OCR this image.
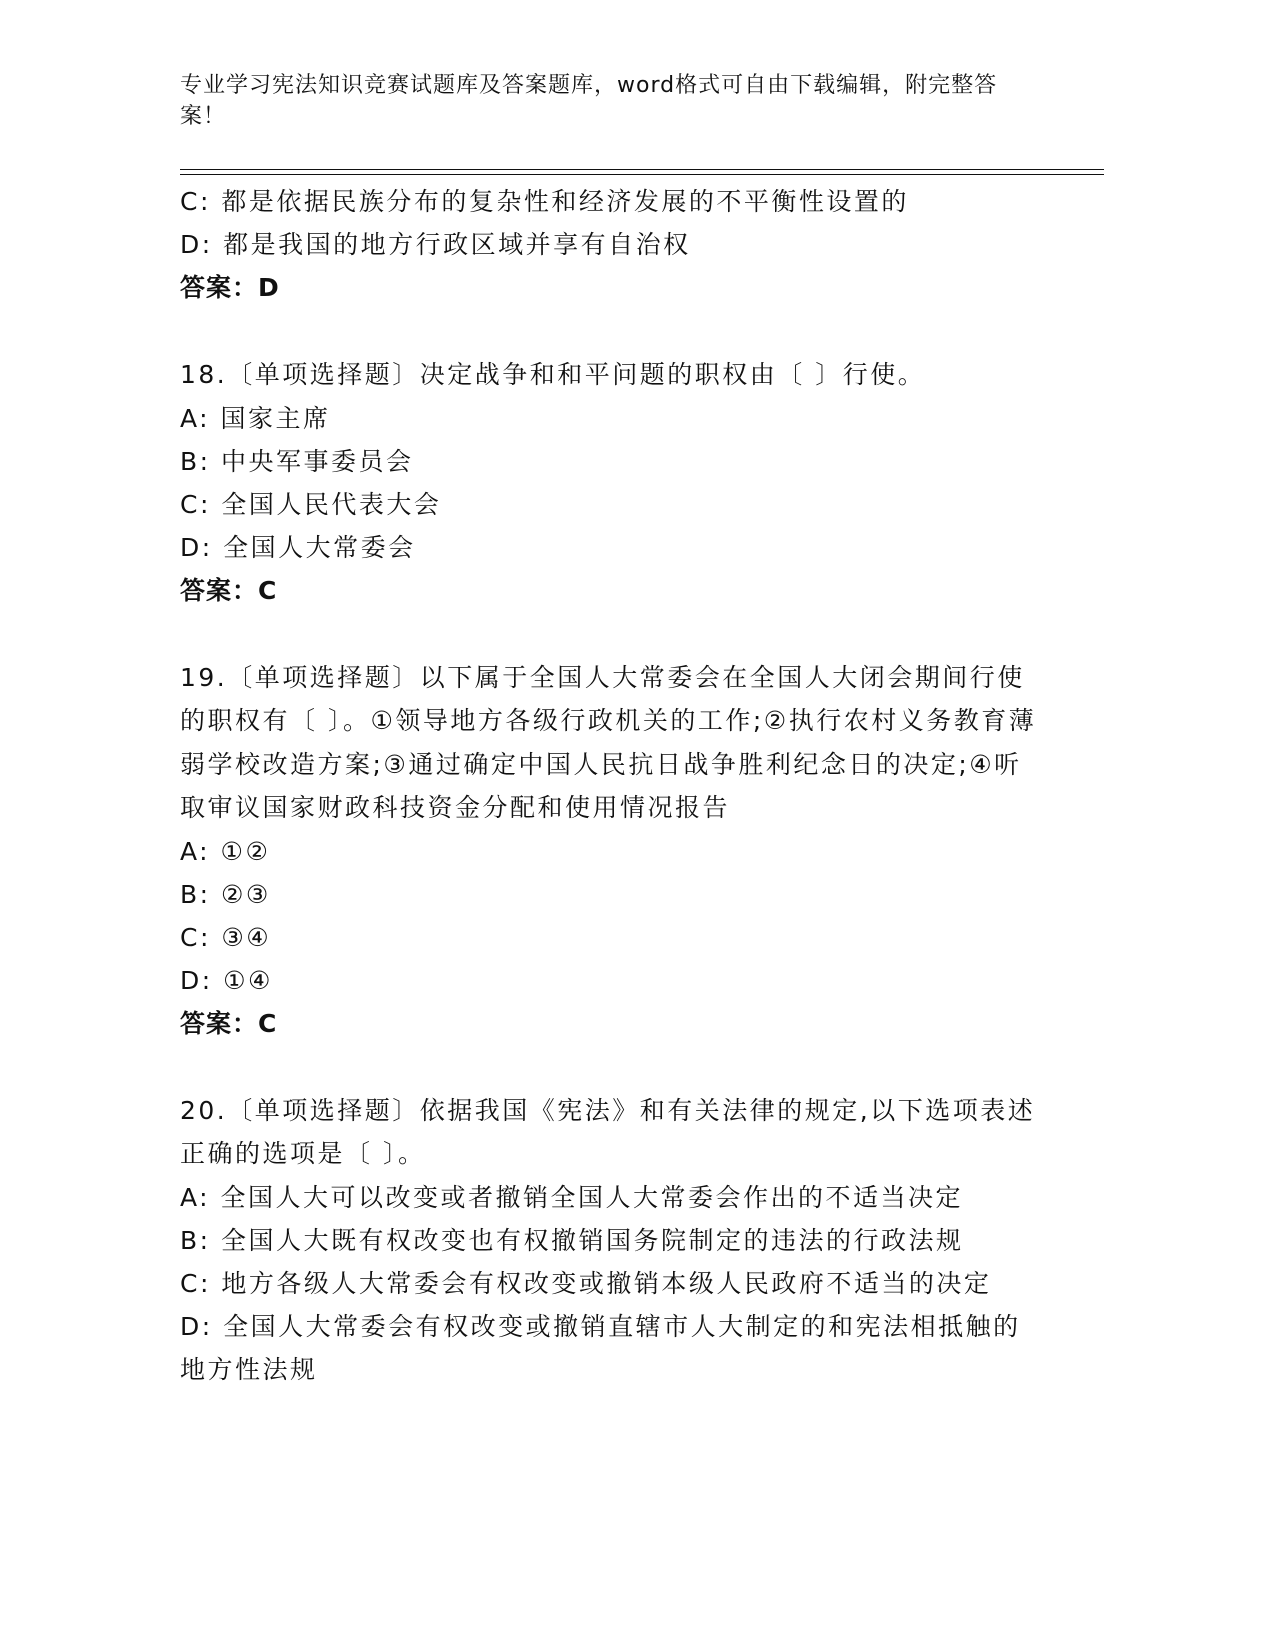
专业学习宪法知识竞赛试题库及答案题库，word格式可自由下载编辑，附完整答案！

C: 都是依据民族分布的复杂性和经济发展的不平衡性设置的

D: 都是我国的地方行政区域并享有自治权

答案：D

18.〔单项选择题〕决定战争和和平问题的职权由〔 〕行使。

A: 国家主席

B: 中央军事委员会

C: 全国人民代表大会

D: 全国人大常委会

答案：C

19.〔单项选择题〕以下属于全国人大常委会在全国人大闭会期间行使的职权有〔 〕。①领导地方各级行政机关的工作;②执行农村义务教育薄弱学校改造方案;③通过确定中国人民抗日战争胜利纪念日的决定;④听取审议国家财政科技资金分配和使用情况报告

A: ①②

B: ②③

C: ③④

D: ①④

答案：C

20.〔单项选择题〕依据我国《宪法》和有关法律的规定,以下选项表述正确的选项是〔 〕。

A: 全国人大可以改变或者撤销全国人大常委会作出的不适当决定

B: 全国人大既有权改变也有权撤销国务院制定的违法的行政法规

C: 地方各级人大常委会有权改变或撤销本级人民政府不适当的决定

D: 全国人大常委会有权改变或撤销直辖市人大制定的和宪法相抵触的地方性法规
